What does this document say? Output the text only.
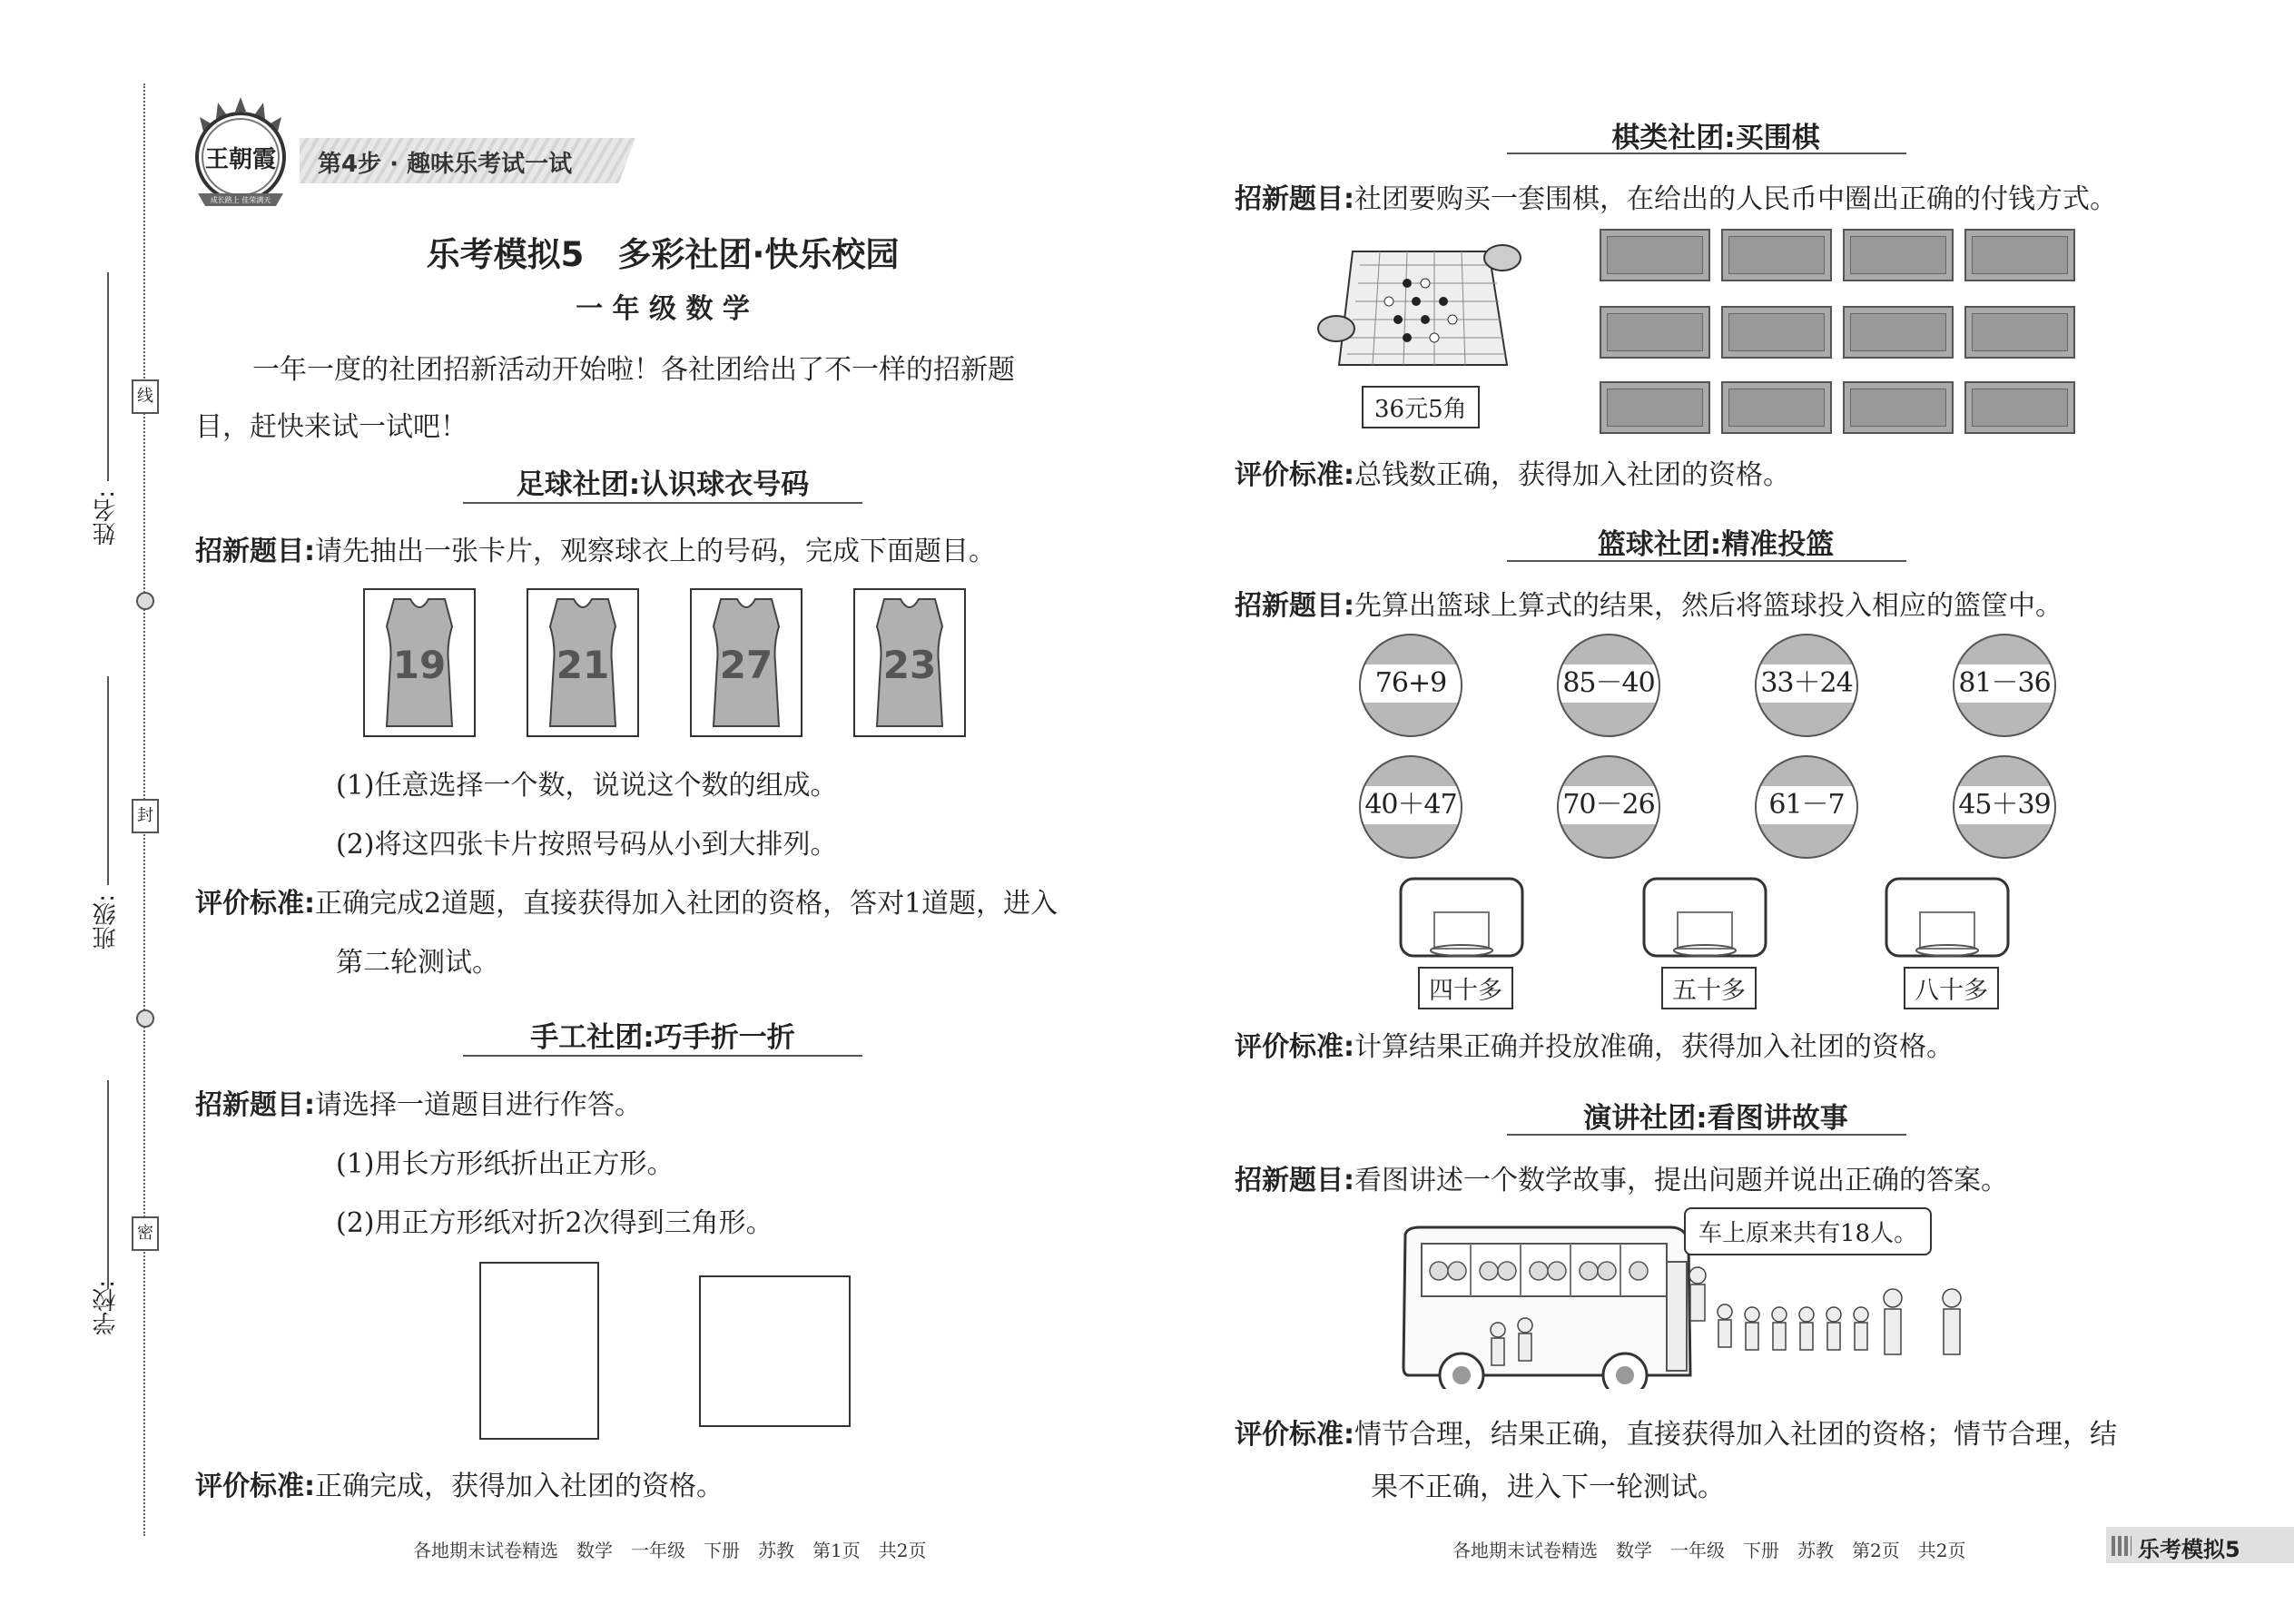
姓名:
班级:
学校:
线
封
密
王朝霞
成长路上 佳荣满天
第4步 · 趣味乐考试一试
乐考模拟5　多彩社团·快乐校园
一 年 级 数 学
一年一度的社团招新活动开始啦！各社团给出了不一样的招新题
目，赶快来试一试吧！
足球社团:认识球衣号码
招新题目:请先抽出一张卡片，观察球衣上的号码，完成下面题目。
19	21	27	23
(1)任意选择一个数，说说这个数的组成。
(2)将这四张卡片按照号码从小到大排列。
评价标准:正确完成2道题，直接获得加入社团的资格，答对1道题，进入
第二轮测试。
手工社团:巧手折一折
招新题目:请选择一道题目进行作答。
(1)用长方形纸折出正方形。
(2)用正方形纸对折2次得到三角形。
评价标准:正确完成，获得加入社团的资格。
各地期末试卷精选　数学　一年级　下册　苏教　第1页　共2页
棋类社团:买围棋
招新题目:社团要购买一套围棋，在给出的人民币中圈出正确的付钱方式。
36元5角
评价标准:总钱数正确，获得加入社团的资格。
篮球社团:精准投篮
招新题目:先算出篮球上算式的结果，然后将篮球投入相应的篮筐中。
76+9	85－40	33＋24	81－36
40＋47	70－26	61－7	45＋39
四十多	五十多	八十多
评价标准:计算结果正确并投放准确，获得加入社团的资格。
演讲社团:看图讲故事
招新题目:看图讲述一个数学故事，提出问题并说出正确的答案。
车上原来共有18人。
评价标准:情节合理，结果正确，直接获得加入社团的资格；情节合理，结
果不正确，进入下一轮测试。
各地期末试卷精选　数学　一年级　下册　苏教　第2页　共2页	乐考模拟5
